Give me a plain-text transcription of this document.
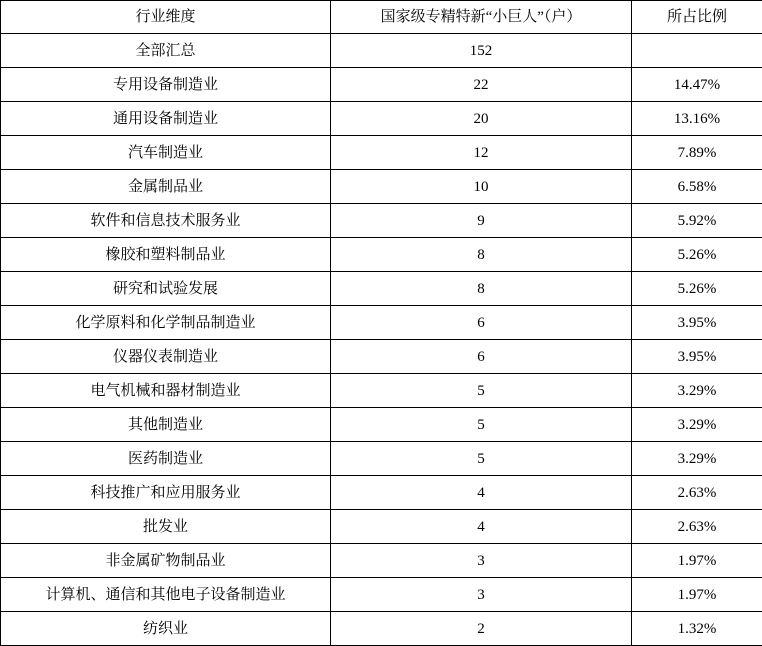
行业维度	国家级专精特新“小巨人”（户）	所占比例
全部汇总	152	
专用设备制造业	22	14.47%
通用设备制造业	20	13.16%
汽车制造业	12	7.89%
金属制品业	10	6.58%
软件和信息技术服务业	9	5.92%
橡胶和塑料制品业	8	5.26%
研究和试验发展	8	5.26%
化学原料和化学制品制造业	6	3.95%
仪器仪表制造业	6	3.95%
电气机械和器材制造业	5	3.29%
其他制造业	5	3.29%
医药制造业	5	3.29%
科技推广和应用服务业	4	2.63%
批发业	4	2.63%
非金属矿物制品业	3	1.97%
计算机、通信和其他电子设备制造业	3	1.97%
纺织业	2	1.32%
